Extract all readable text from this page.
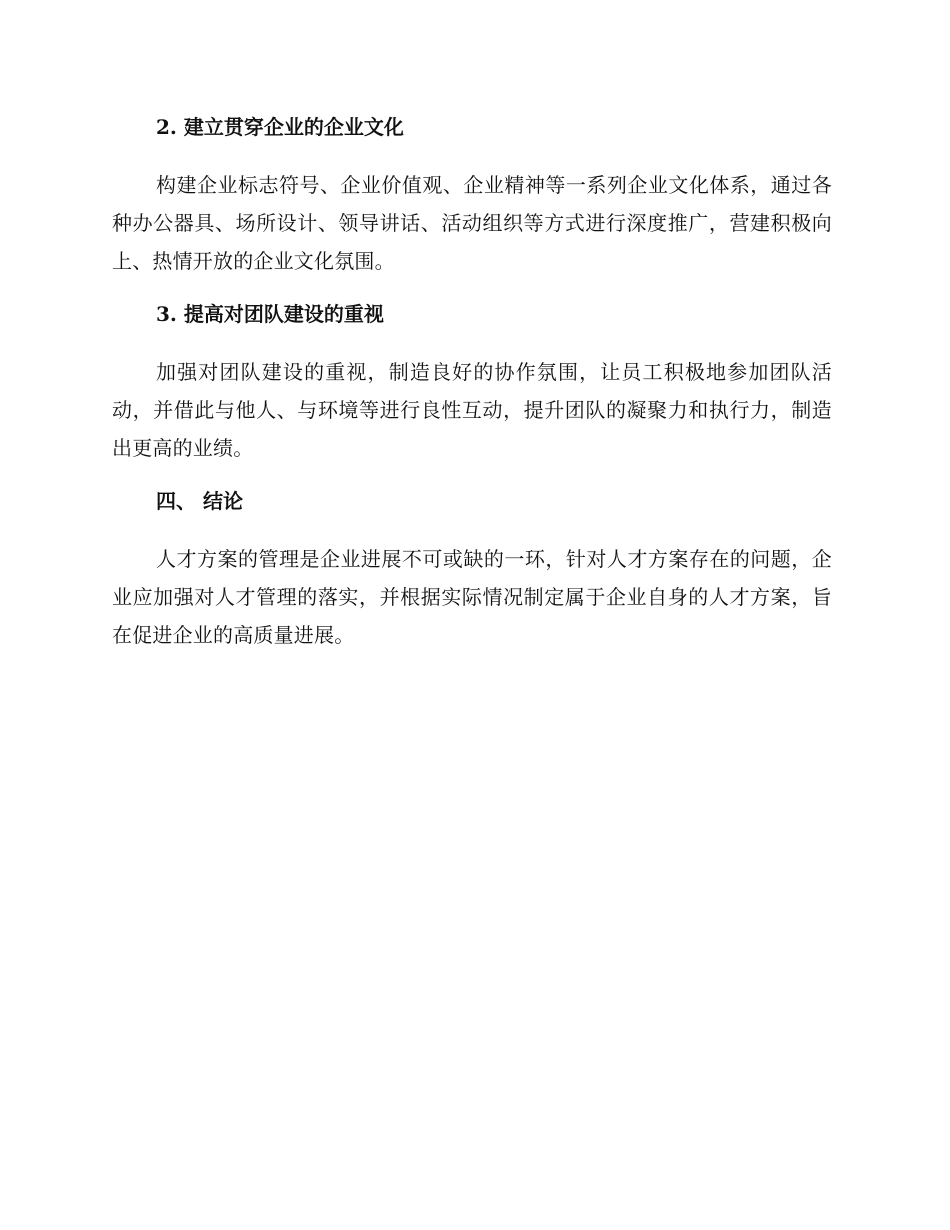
2. 建立贯穿企业的企业文化

构建企业标志符号、企业价值观、企业精神等一系列企业文化体系，通过各种办公器具、场所设计、领导讲话、活动组织等方式进行深度推广，营建积极向上、热情开放的企业文化氛围。

3. 提高对团队建设的重视

加强对团队建设的重视，制造良好的协作氛围，让员工积极地参加团队活动，并借此与他人、与环境等进行良性互动，提升团队的凝聚力和执行力，制造出更高的业绩。

四、 结论

人才方案的管理是企业进展不可或缺的一环，针对人才方案存在的问题，企业应加强对人才管理的落实，并根据实际情况制定属于企业自身的人才方案，旨在促进企业的高质量进展。
